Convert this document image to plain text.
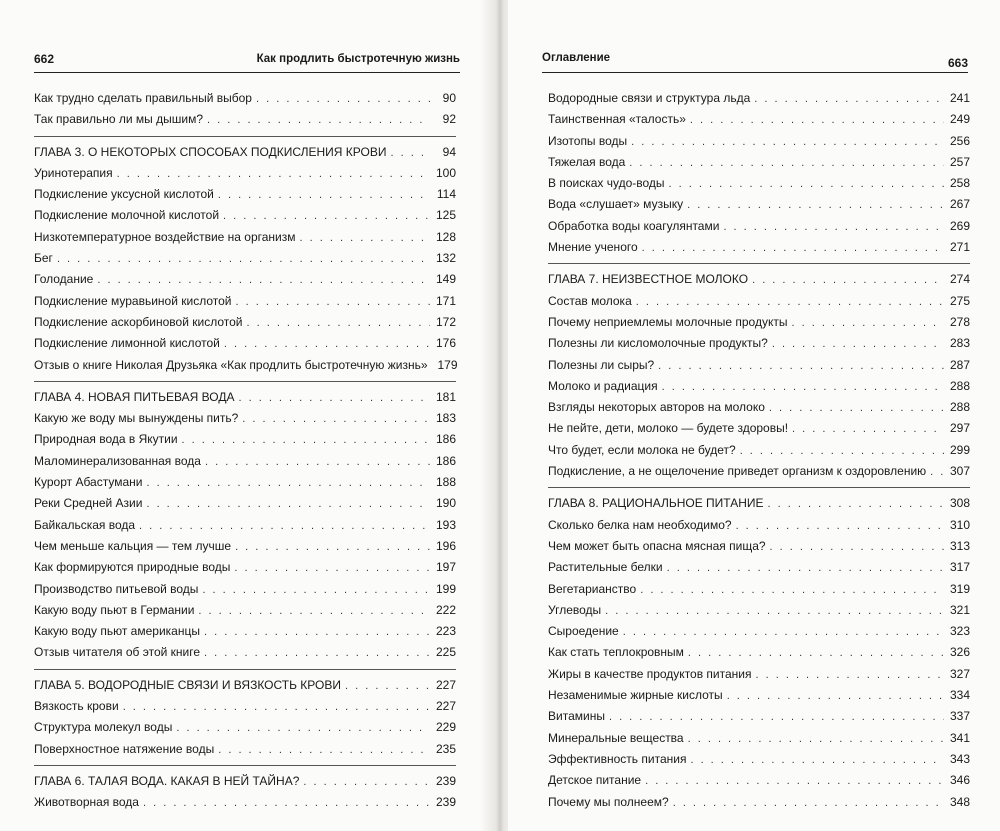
662	Как продлить быстротечную жизнь
Как трудно сделать правильный выбор . . .	90
Так правильно ли мы дышим? . . .	92
ГЛАВА 3. О НЕКОТОРЫХ СПОСОБАХ ПОДКИСЛЕНИЯ КРОВИ . . .	94
Уринотерапия . . .	100
Подкисление уксусной кислотой . . .	114
Подкисление молочной кислотой . . .	125
Низкотемпературное воздействие на организм . . .	128
Бег . . .	132
Голодание . . .	149
Подкисление муравьиной кислотой . . .	171
Подкисление аскорбиновой кислотой . . .	172
Подкисление лимонной кислотой . . .	176
Отзыв о книге Николая Друзьяка «Как продлить быстротечную жизнь» 179
ГЛАВА 4. НОВАЯ ПИТЬЕВАЯ ВОДА . . .	181
Какую же воду мы вынуждены пить? . . .	183
Природная вода в Якутии . . .	186
Маломинерализованная вода . . .	186
Курорт Абастумани . . .	188
Реки Средней Азии . . .	190
Байкальская вода . . .	193
Чем меньше кальция — тем лучше . . .	196
Как формируются природные воды . . .	197
Производство питьевой воды . . .	199
Какую воду пьют в Германии . . .	222
Какую воду пьют американцы . . .	223
Отзыв читателя об этой книге . . .	225
ГЛАВА 5. ВОДОРОДНЫЕ СВЯЗИ И ВЯЗКОСТЬ КРОВИ . . .	227
Вязкость крови . . .	227
Структура молекул воды . . .	229
Поверхностное натяжение воды . . .	235
ГЛАВА 6. ТАЛАЯ ВОДА. КАКАЯ В НЕЙ ТАЙНА? . . .	239
Животворная вода . . .	239
Оглавление	663
Водородные связи и структура льда . . .	241
Таинственная «талость» . . .	249
Изотопы воды . . .	256
Тяжелая вода . . .	257
В поисках чудо-воды . . .	258
Вода «слушает» музыку . . .	267
Обработка воды коагулянтами . . .	269
Мнение ученого . . .	271
ГЛАВА 7. НЕИЗВЕСТНОЕ МОЛОКО . . .	274
Состав молока . . .	275
Почему неприемлемы молочные продукты . . .	278
Полезны ли кисломолочные продукты? . . .	283
Полезны ли сыры? . . .	287
Молоко и радиация . . .	288
Взгляды некоторых авторов на молоко . . .	288
Не пейте, дети, молоко — будете здоровы! . . .	297
Что будет, если молока не будет? . . .	299
Подкисление, а не ощелочение приведет организм к оздоровлению . . .	307
ГЛАВА 8. РАЦИОНАЛЬНОЕ ПИТАНИЕ . . .	308
Сколько белка нам необходимо? . . .	310
Чем может быть опасна мясная пища? . . .	313
Растительные белки . . .	317
Вегетарианство . . .	319
Углеводы . . .	321
Сыроедение . . .	323
Как стать теплокровным . . .	326
Жиры в качестве продуктов питания . . .	327
Незаменимые жирные кислоты . . .	334
Витамины . . .	337
Минеральные вещества . . .	341
Эффективность питания . . .	343
Детское питание . . .	346
Почему мы полнеем? . . .	348
